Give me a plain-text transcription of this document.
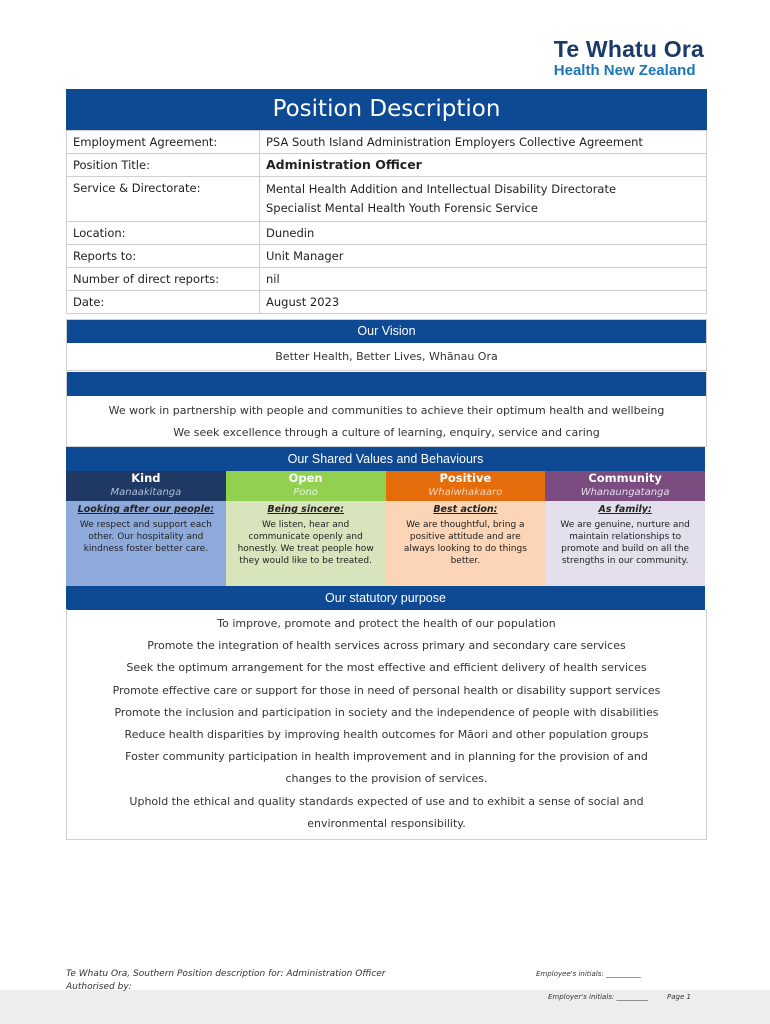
Te Whatu Ora
Health New Zealand
Position Description
Employment Agreement:	PSA South Island Administration Employers Collective Agreement
Position Title:	Administration Officer
Service & Directorate:	Mental Health Addition and Intellectual Disability Directorate
Specialist Mental Health Youth Forensic Service

Location:	Dunedin
Reports to:	Unit Manager
Number of direct reports:	nil
Date:	August 2023
Our Vision
Better Health, Better Lives, Whānau Ora
We work in partnership with people and communities to achieve their optimum health and wellbeing
We seek excellence through a culture of learning, enquiry, service and caring
Our Shared Values and Behaviours
Kind
Manaakitanga
Looking after our people:
We respect and support each other. Our hospitality and kindness foster better care.
Open
Pono
Being sincere:
We listen, hear and communicate openly and honestly. We treat people how they would like to be treated.
Positive
Whaiwhakaaro
Best action:
We are thoughtful, bring a positive attitude and are always looking to do things better.
Community
Whanaungatanga
As family:
We are genuine, nurture and maintain relationships to promote and build on all the strengths in our community.
Our statutory purpose

To improve, promote and protect the health of our population

Promote the integration of health services across primary and secondary care services

Seek the optimum arrangement for the most effective and efficient delivery of health services

Promote effective care or support for those in need of personal health or disability support services

Promote the inclusion and participation in society and the independence of people with disabilities

Reduce health disparities by improving health outcomes for Māori and other population groups

Foster community participation in health improvement and in planning for the provision of and

changes to the provision of services.

Uphold the ethical and quality standards expected of use and to exhibit a sense of social and

environmental responsibility.

Te Whatu Ora, Southern Position description for: Administration Officer
Authorised by:
Employee's initials: __________
Employer's initials: _________	Page 1
